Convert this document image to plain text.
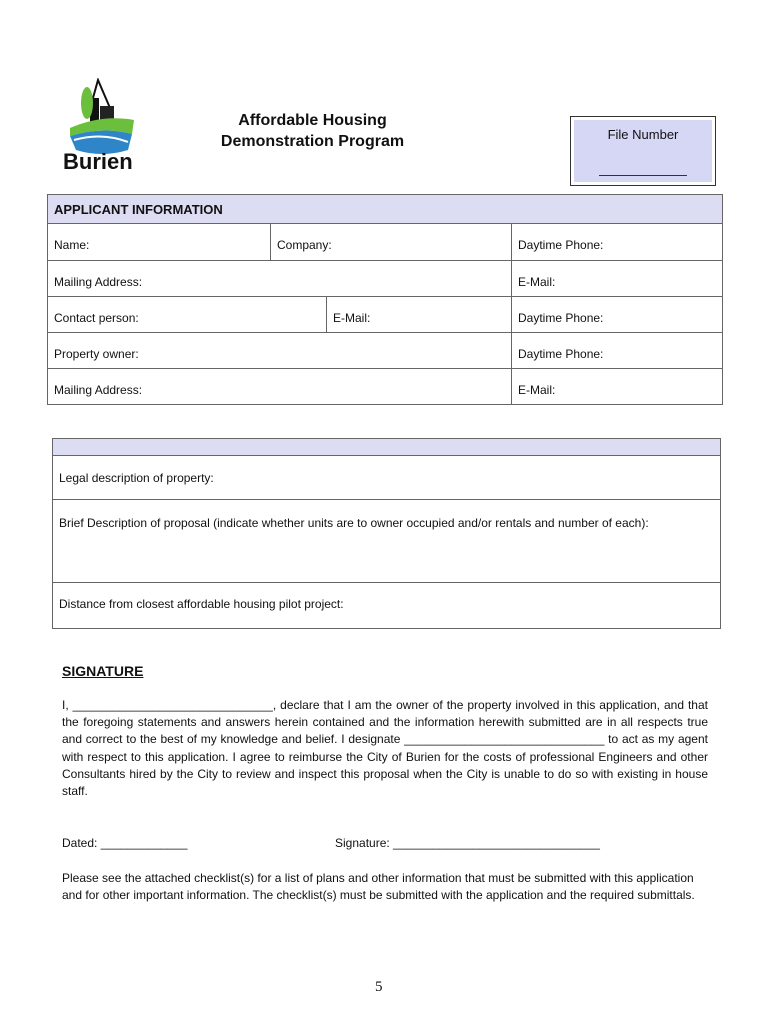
Burien
Affordable Housing
Demonstration Program	File Number
APPLICANT INFORMATION			
Name:	Company:		Daytime Phone:
Mailing Address:			E-Mail:
Contact person:		E-Mail:	Daytime Phone:
Property owner:			Daytime Phone:
Mailing Address:			E-Mail:

Legal description of property:
Brief Description of proposal (indicate whether units are to owner occupied and/or rentals and number of each):
Distance from closest affordable housing pilot project:
SIGNATURE
I, ______________________________, declare that I am the owner of the property involved in this application, and that the foregoing statements and answers herein contained and the information herewith submitted are in all respects true and correct to the best of my knowledge and belief. I designate ______________________________ to act as my agent with respect to this application. I agree to reimburse the City of Burien for the costs of professional Engineers and other Consultants hired by the City to review and inspect this proposal when the City is unable to do so with existing in house staff.
Dated: _____________	Signature: _______________________________
Please see the attached checklist(s) for a list of plans and other information that must be submitted with this application and for other important information. The checklist(s) must be submitted with the application and the required submittals.
5
